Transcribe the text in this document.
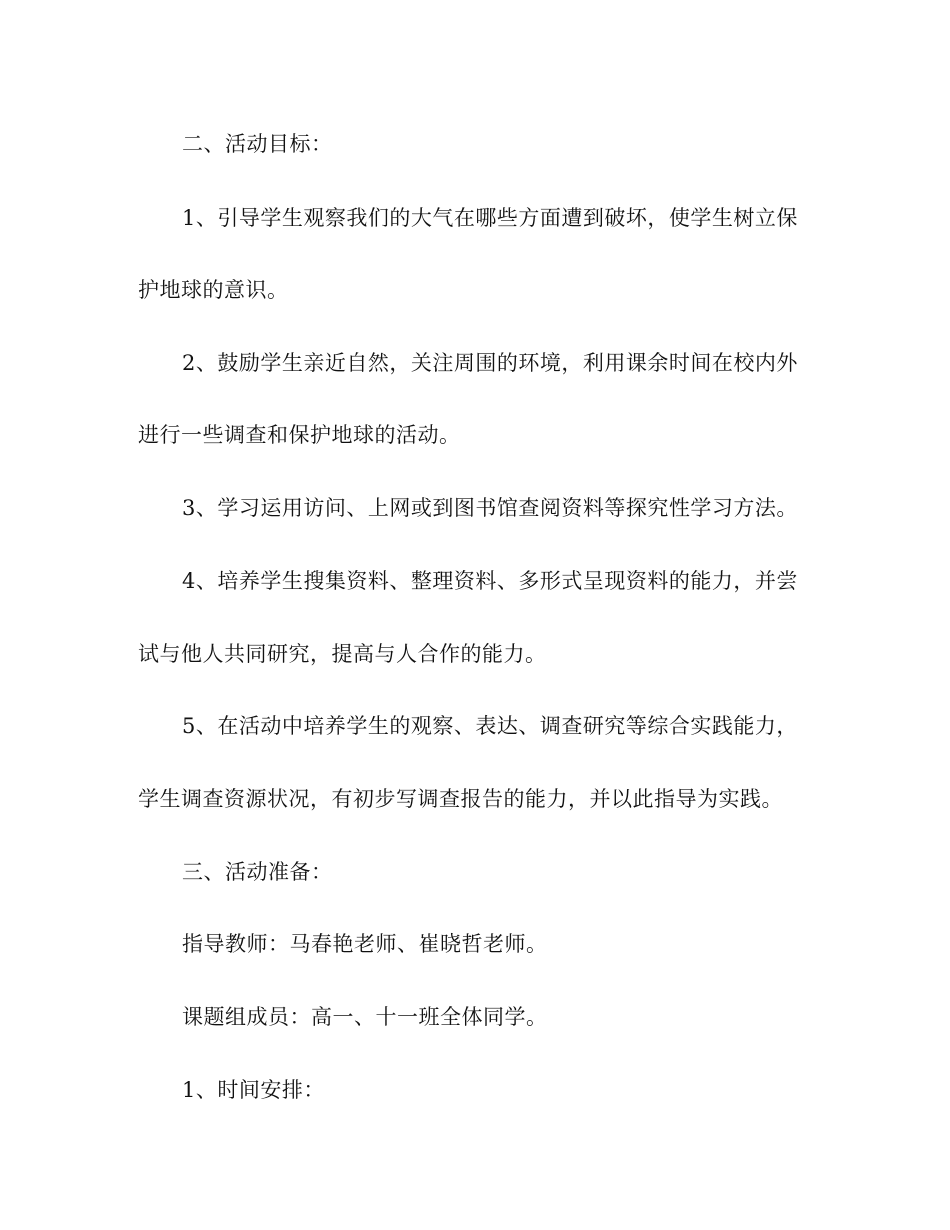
二、活动目标：
1、引导学生观察我们的大气在哪些方面遭到破坏，使学生树立保
护地球的意识。
2、鼓励学生亲近自然，关注周围的环境，利用课余时间在校内外
进行一些调查和保护地球的活动。
3、学习运用访问、上网或到图书馆查阅资料等探究性学习方法。
4、培养学生搜集资料、整理资料、多形式呈现资料的能力，并尝
试与他人共同研究，提高与人合作的能力。
5、在活动中培养学生的观察、表达、调查研究等综合实践能力，
学生调查资源状况，有初步写调查报告的能力，并以此指导为实践。
三、活动准备：
指导教师：马春艳老师、崔晓哲老师。
课题组成员：高一、十一班全体同学。
1、时间安排：
